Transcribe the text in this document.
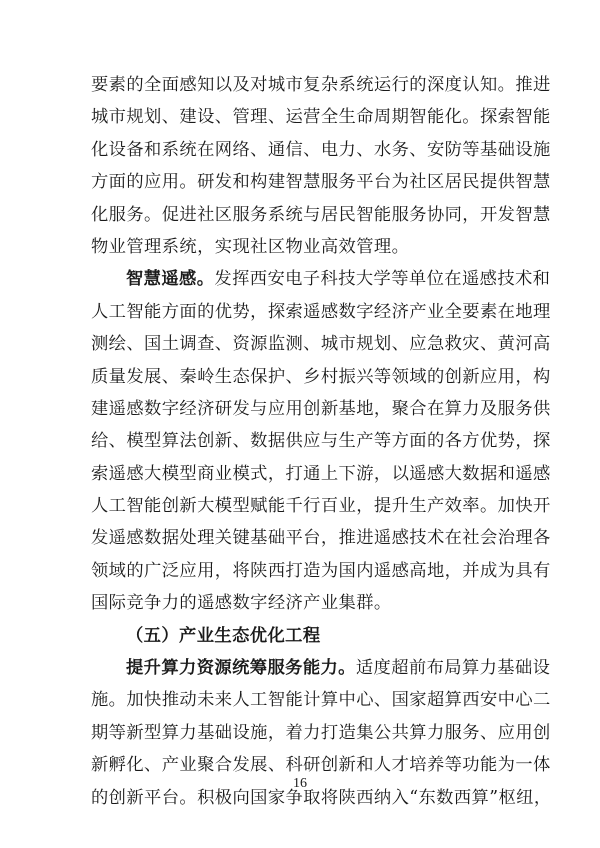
要素的全面感知以及对城市复杂系统运行的深度认知。推进
城市规划、建设、管理、运营全生命周期智能化。探索智能
化设备和系统在网络、通信、电力、水务、安防等基础设施
方面的应用。研发和构建智慧服务平台为社区居民提供智慧
化服务。促进社区服务系统与居民智能服务协同，开发智慧
物业管理系统，实现社区物业高效管理。
智慧遥感。发挥西安电子科技大学等单位在遥感技术和
人工智能方面的优势，探索遥感数字经济产业全要素在地理
测绘、国土调查、资源监测、城市规划、应急救灾、黄河高
质量发展、秦岭生态保护、乡村振兴等领域的创新应用，构
建遥感数字经济研发与应用创新基地，聚合在算力及服务供
给、模型算法创新、数据供应与生产等方面的各方优势，探
索遥感大模型商业模式，打通上下游，以遥感大数据和遥感
人工智能创新大模型赋能千行百业，提升生产效率。加快开
发遥感数据处理关键基础平台，推进遥感技术在社会治理各
领域的广泛应用，将陕西打造为国内遥感高地，并成为具有
国际竞争力的遥感数字经济产业集群。
（五）产业生态优化工程
提升算力资源统筹服务能力。适度超前布局算力基础设
施。加快推动未来人工智能计算中心、国家超算西安中心二
期等新型算力基础设施，着力打造集公共算力服务、应用创
新孵化、产业聚合发展、科研创新和人才培养等功能为一体
的创新平台。积极向国家争取将陕西纳入“东数西算”枢纽，
16
